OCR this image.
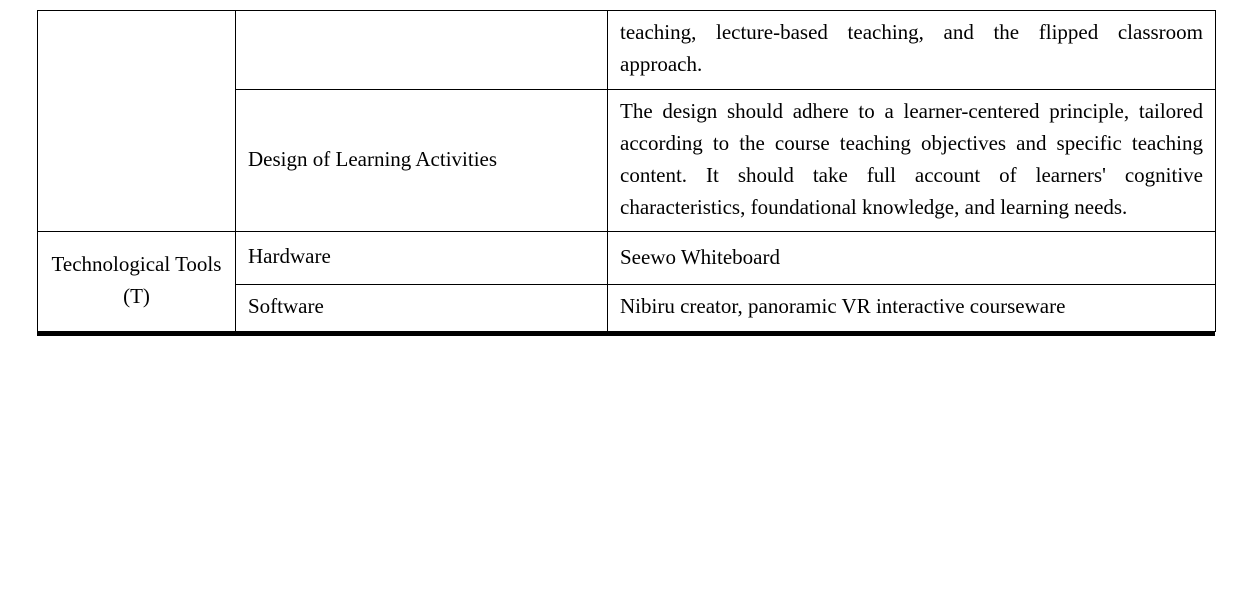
		teaching, lecture-based teaching, and the flipped classroom approach.
	Design of Learning Activities	The design should adhere to a learner-centered principle, tailored according to the course teaching objectives and specific teaching content. It should take full account of learners' cognitive characteristics, foundational knowledge, and learning needs.
Technological Tools (T)	Hardware	Seewo Whiteboard
	Software	Nibiru creator, panoramic VR interactive courseware
